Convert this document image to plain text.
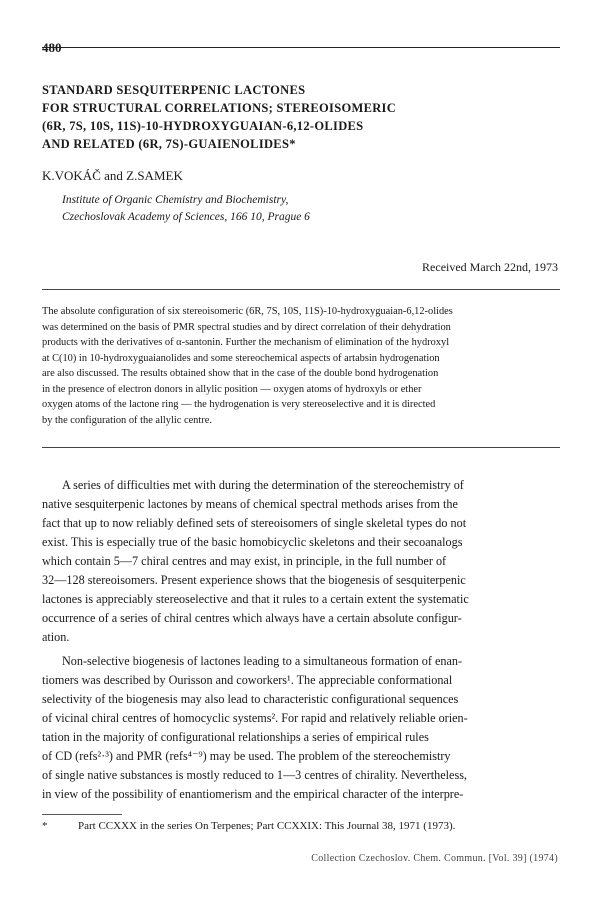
480
STANDARD SESQUITERPENIC LACTONES
FOR STRUCTURAL CORRELATIONS; STEREOISOMERIC
(6R, 7S, 10S, 11S)-10-HYDROXYGUAIAN-6,12-OLIDES
AND RELATED (6R, 7S)-GUAIENOLIDES*
K.VOKÁČ and Z.SAMEK
Institute of Organic Chemistry and Biochemistry,
Czechoslovak Academy of Sciences, 166 10, Prague 6
Received March 22nd, 1973
The absolute configuration of six stereoisomeric (6R, 7S, 10S, 11S)-10-hydroxyguaian-6,12-olides
was determined on the basis of PMR spectral studies and by direct correlation of their dehydration
products with the derivatives of α-santonin. Further the mechanism of elimination of the hydroxyl
at C(10) in 10-hydroxyguaianolides and some stereochemical aspects of artabsin hydrogenation
are also discussed. The results obtained show that in the case of the double bond hydrogenation
in the presence of electron donors in allylic position — oxygen atoms of hydroxyls or ether
oxygen atoms of the lactone ring — the hydrogenation is very stereoselective and it is directed
by the configuration of the allylic centre.
A series of difficulties met with during the determination of the stereochemistry of
native sesquiterpenic lactones by means of chemical spectral methods arises from the
fact that up to now reliably defined sets of stereoisomers of single skeletal types do not
exist. This is especially true of the basic homobicyclic skeletons and their secoanalogs
which contain 5—7 chiral centres and may exist, in principle, in the full number of
32—128 stereoisomers. Present experience shows that the biogenesis of sesquiterpenic
lactones is appreciably stereoselective and that it rules to a certain extent the systematic
occurrence of a series of chiral centres which always have a certain absolute configur-
ation.
Non-selective biogenesis of lactones leading to a simultaneous formation of enan-
tiomers was described by Ourisson and coworkers¹. The appreciable conformational
selectivity of the biogenesis may also lead to characteristic configurational sequences
of vicinal chiral centres of homocyclic systems². For rapid and relatively reliable orien-
tation in the majority of configurational relationships a series of empirical rules
of CD (refs²·³) and PMR (refs⁴⁻⁹) may be used. The problem of the stereochemistry
of single native substances is mostly reduced to 1—3 centres of chirality. Nevertheless,
in view of the possibility of enantiomerism and the empirical character of the interpre-
*	Part CCXXX in the series On Terpenes; Part CCXXIX: This Journal 38, 1971 (1973).
Collection Czechoslov. Chem. Commun. [Vol. 39] (1974)
